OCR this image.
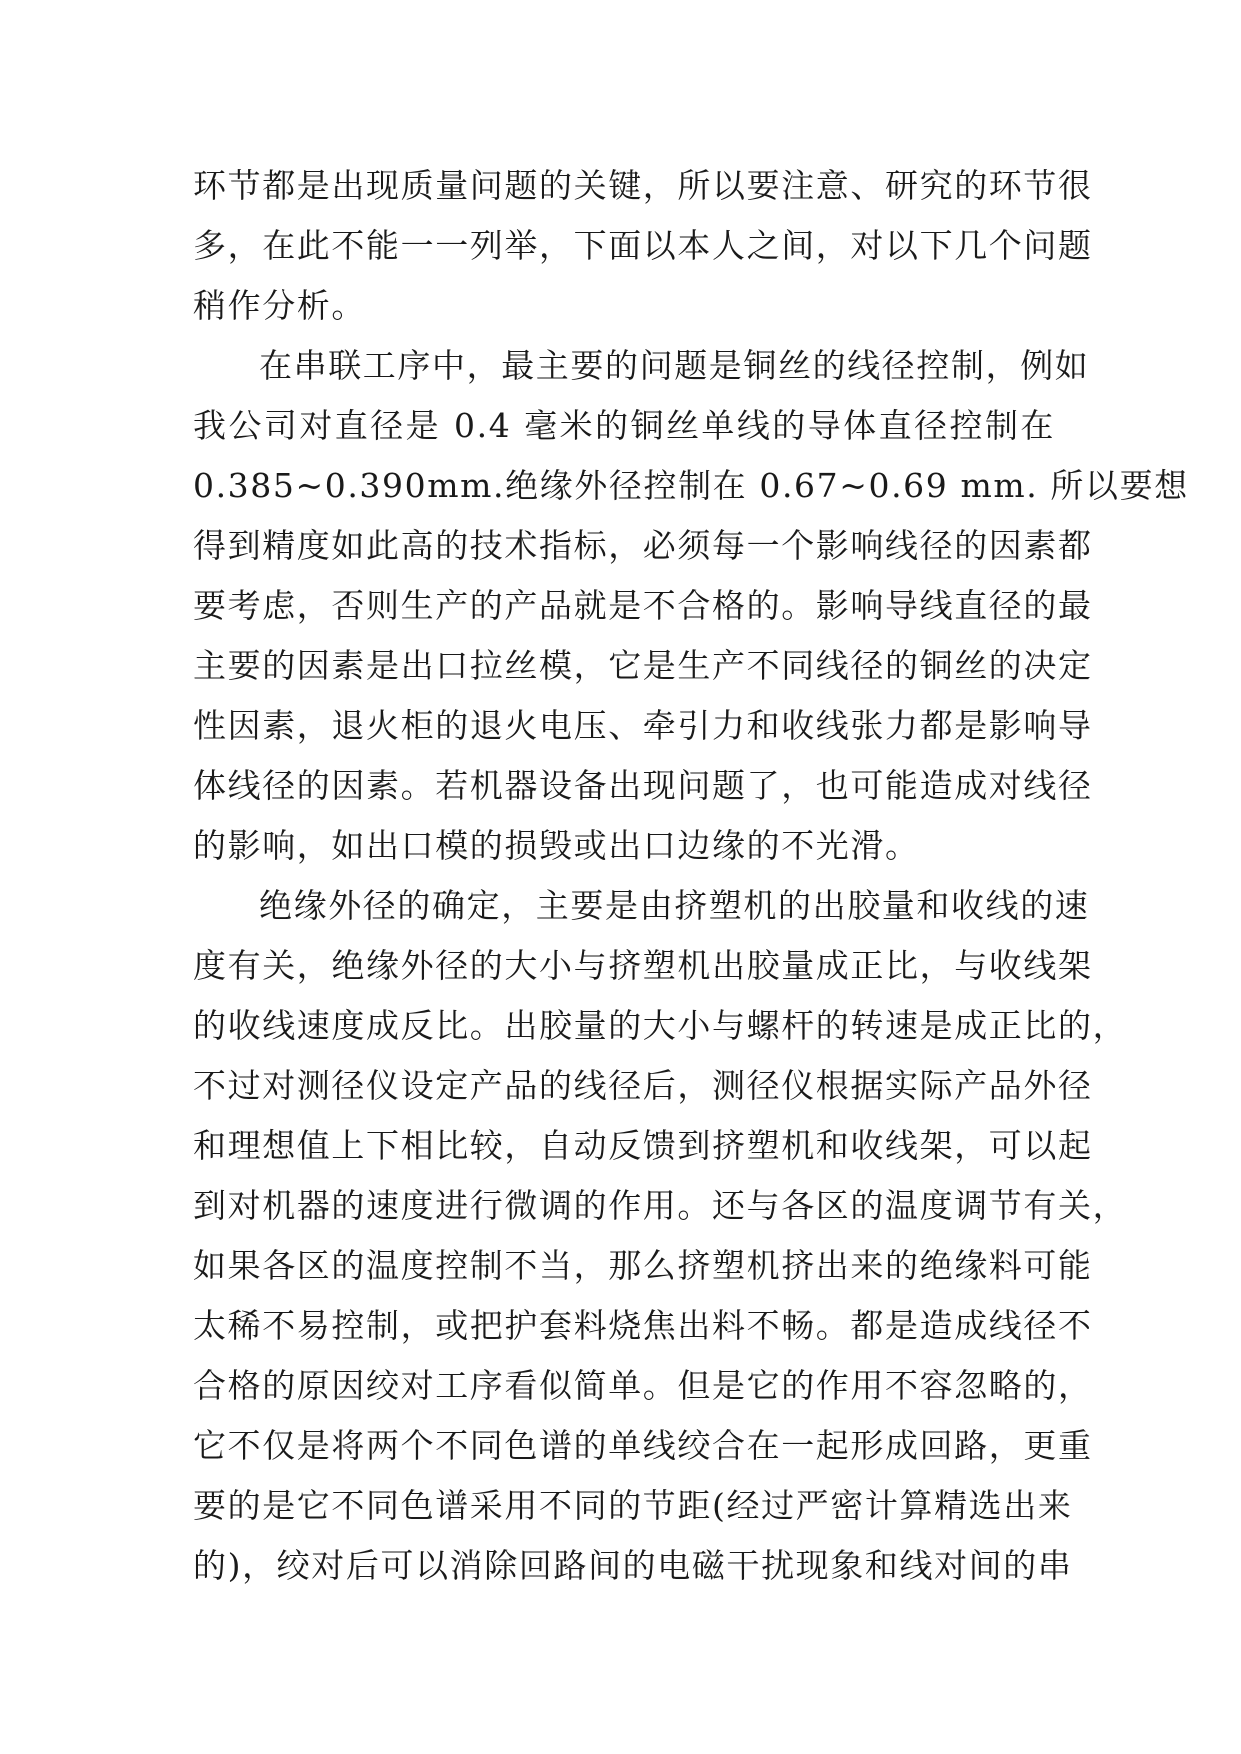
环节都是出现质量问题的关键，所以要注意、研究的环节很
多，在此不能一一列举，下面以本人之间，对以下几个问题
稍作分析。
在串联工序中，最主要的问题是铜丝的线径控制，例如
我公司对直径是 0.4 毫米的铜丝单线的导体直径控制在
0.385~0.390mm.绝缘外径控制在 0.67~0.69 mm. 所以要想
得到精度如此高的技术指标，必须每一个影响线径的因素都
要考虑，否则生产的产品就是不合格的。影响导线直径的最
主要的因素是出口拉丝模，它是生产不同线径的铜丝的决定
性因素，退火柜的退火电压、牵引力和收线张力都是影响导
体线径的因素。若机器设备出现问题了，也可能造成对线径
的影响，如出口模的损毁或出口边缘的不光滑。
绝缘外径的确定，主要是由挤塑机的出胶量和收线的速
度有关，绝缘外径的大小与挤塑机出胶量成正比，与收线架
的收线速度成反比。出胶量的大小与螺杆的转速是成正比的，
不过对测径仪设定产品的线径后，测径仪根据实际产品外径
和理想值上下相比较，自动反馈到挤塑机和收线架，可以起
到对机器的速度进行微调的作用。还与各区的温度调节有关，
如果各区的温度控制不当，那么挤塑机挤出来的绝缘料可能
太稀不易控制，或把护套料烧焦出料不畅。都是造成线径不
合格的原因绞对工序看似简单。但是它的作用不容忽略的，
它不仅是将两个不同色谱的单线绞合在一起形成回路，更重
要的是它不同色谱采用不同的节距(经过严密计算精选出来
的)，绞对后可以消除回路间的电磁干扰现象和线对间的串
